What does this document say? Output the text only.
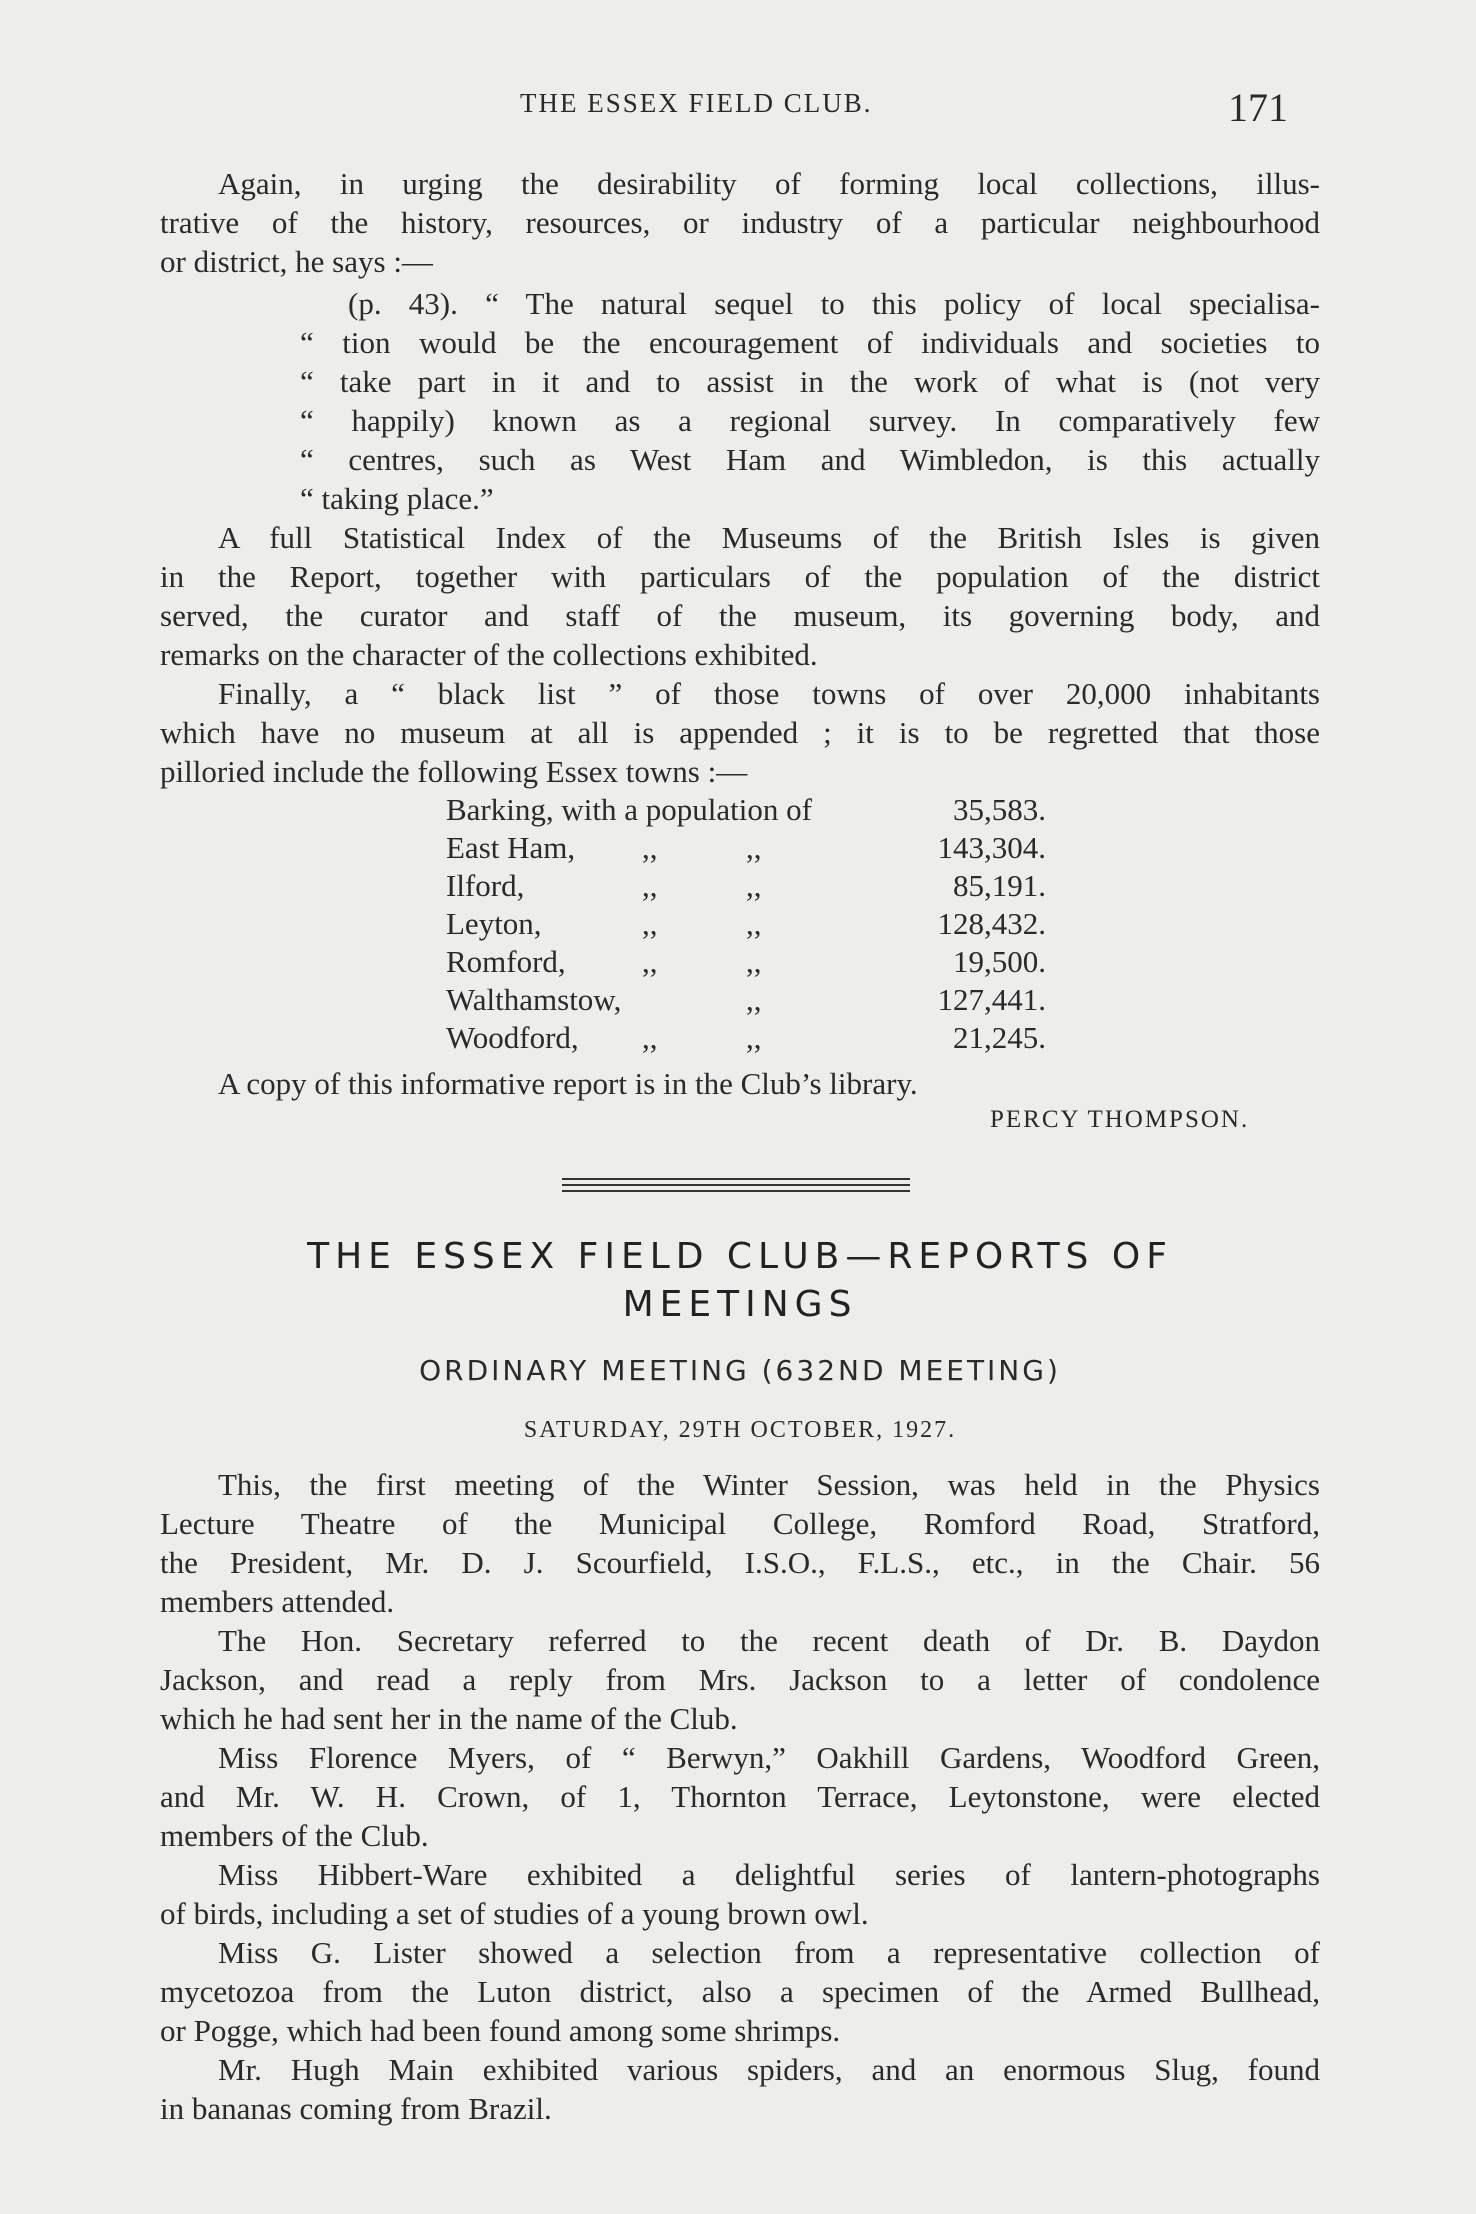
THE ESSEX FIELD CLUB.	171
Again, in urging the desirability of forming local collections, illus-
trative of the history, resources, or industry of a particular neighbourhood
or district, he says :—
(p. 43). “ The natural sequel to this policy of local specialisa-
“ tion would be the encouragement of individuals and societies to
“ take part in it and to assist in the work of what is (not very
“ happily) known as a regional survey. In comparatively few
“ centres, such as West Ham and Wimbledon, is this actually
“ taking place.”
A full Statistical Index of the Museums of the British Isles is given
in the Report, together with particulars of the population of the district
served, the curator and staff of the museum, its governing body, and
remarks on the character of the collections exhibited.
Finally, a “ black list ” of those towns of over 20,000 inhabitants
which have no museum at all is appended ; it is to be regretted that those
pilloried include the following Essex towns :—
Barking, with a population of	35,583.
East Ham, ,,	,,	143,304.
Ilford,	,,	,,	85,191.
Leyton,	,,	,,	128,432.
Romford, ,,	,,	19,500.
Walthamstow,	,,	127,441.
Woodford, ,,	,,	21,245.
A copy of this informative report is in the Club’s library.
PERCY THOMPSON.
THE ESSEX FIELD CLUB—REPORTS OF
MEETINGS
ORDINARY MEETING (632ND MEETING)
SATURDAY, 29TH OCTOBER, 1927.
This, the first meeting of the Winter Session, was held in the Physics
Lecture Theatre of the Municipal College, Romford Road, Stratford,
the President, Mr. D. J. Scourfield, I.S.O., F.L.S., etc., in the Chair. 56
members attended.
The Hon. Secretary referred to the recent death of Dr. B. Daydon
Jackson, and read a reply from Mrs. Jackson to a letter of condolence
which he had sent her in the name of the Club.
Miss Florence Myers, of “ Berwyn,” Oakhill Gardens, Woodford Green,
and Mr. W. H. Crown, of 1, Thornton Terrace, Leytonstone, were elected
members of the Club.
Miss Hibbert-Ware exhibited a delightful series of lantern-photographs
of birds, including a set of studies of a young brown owl.
Miss G. Lister showed a selection from a representative collection of
mycetozoa from the Luton district, also a specimen of the Armed Bullhead,
or Pogge, which had been found among some shrimps.
Mr. Hugh Main exhibited various spiders, and an enormous Slug, found
in bananas coming from Brazil.
